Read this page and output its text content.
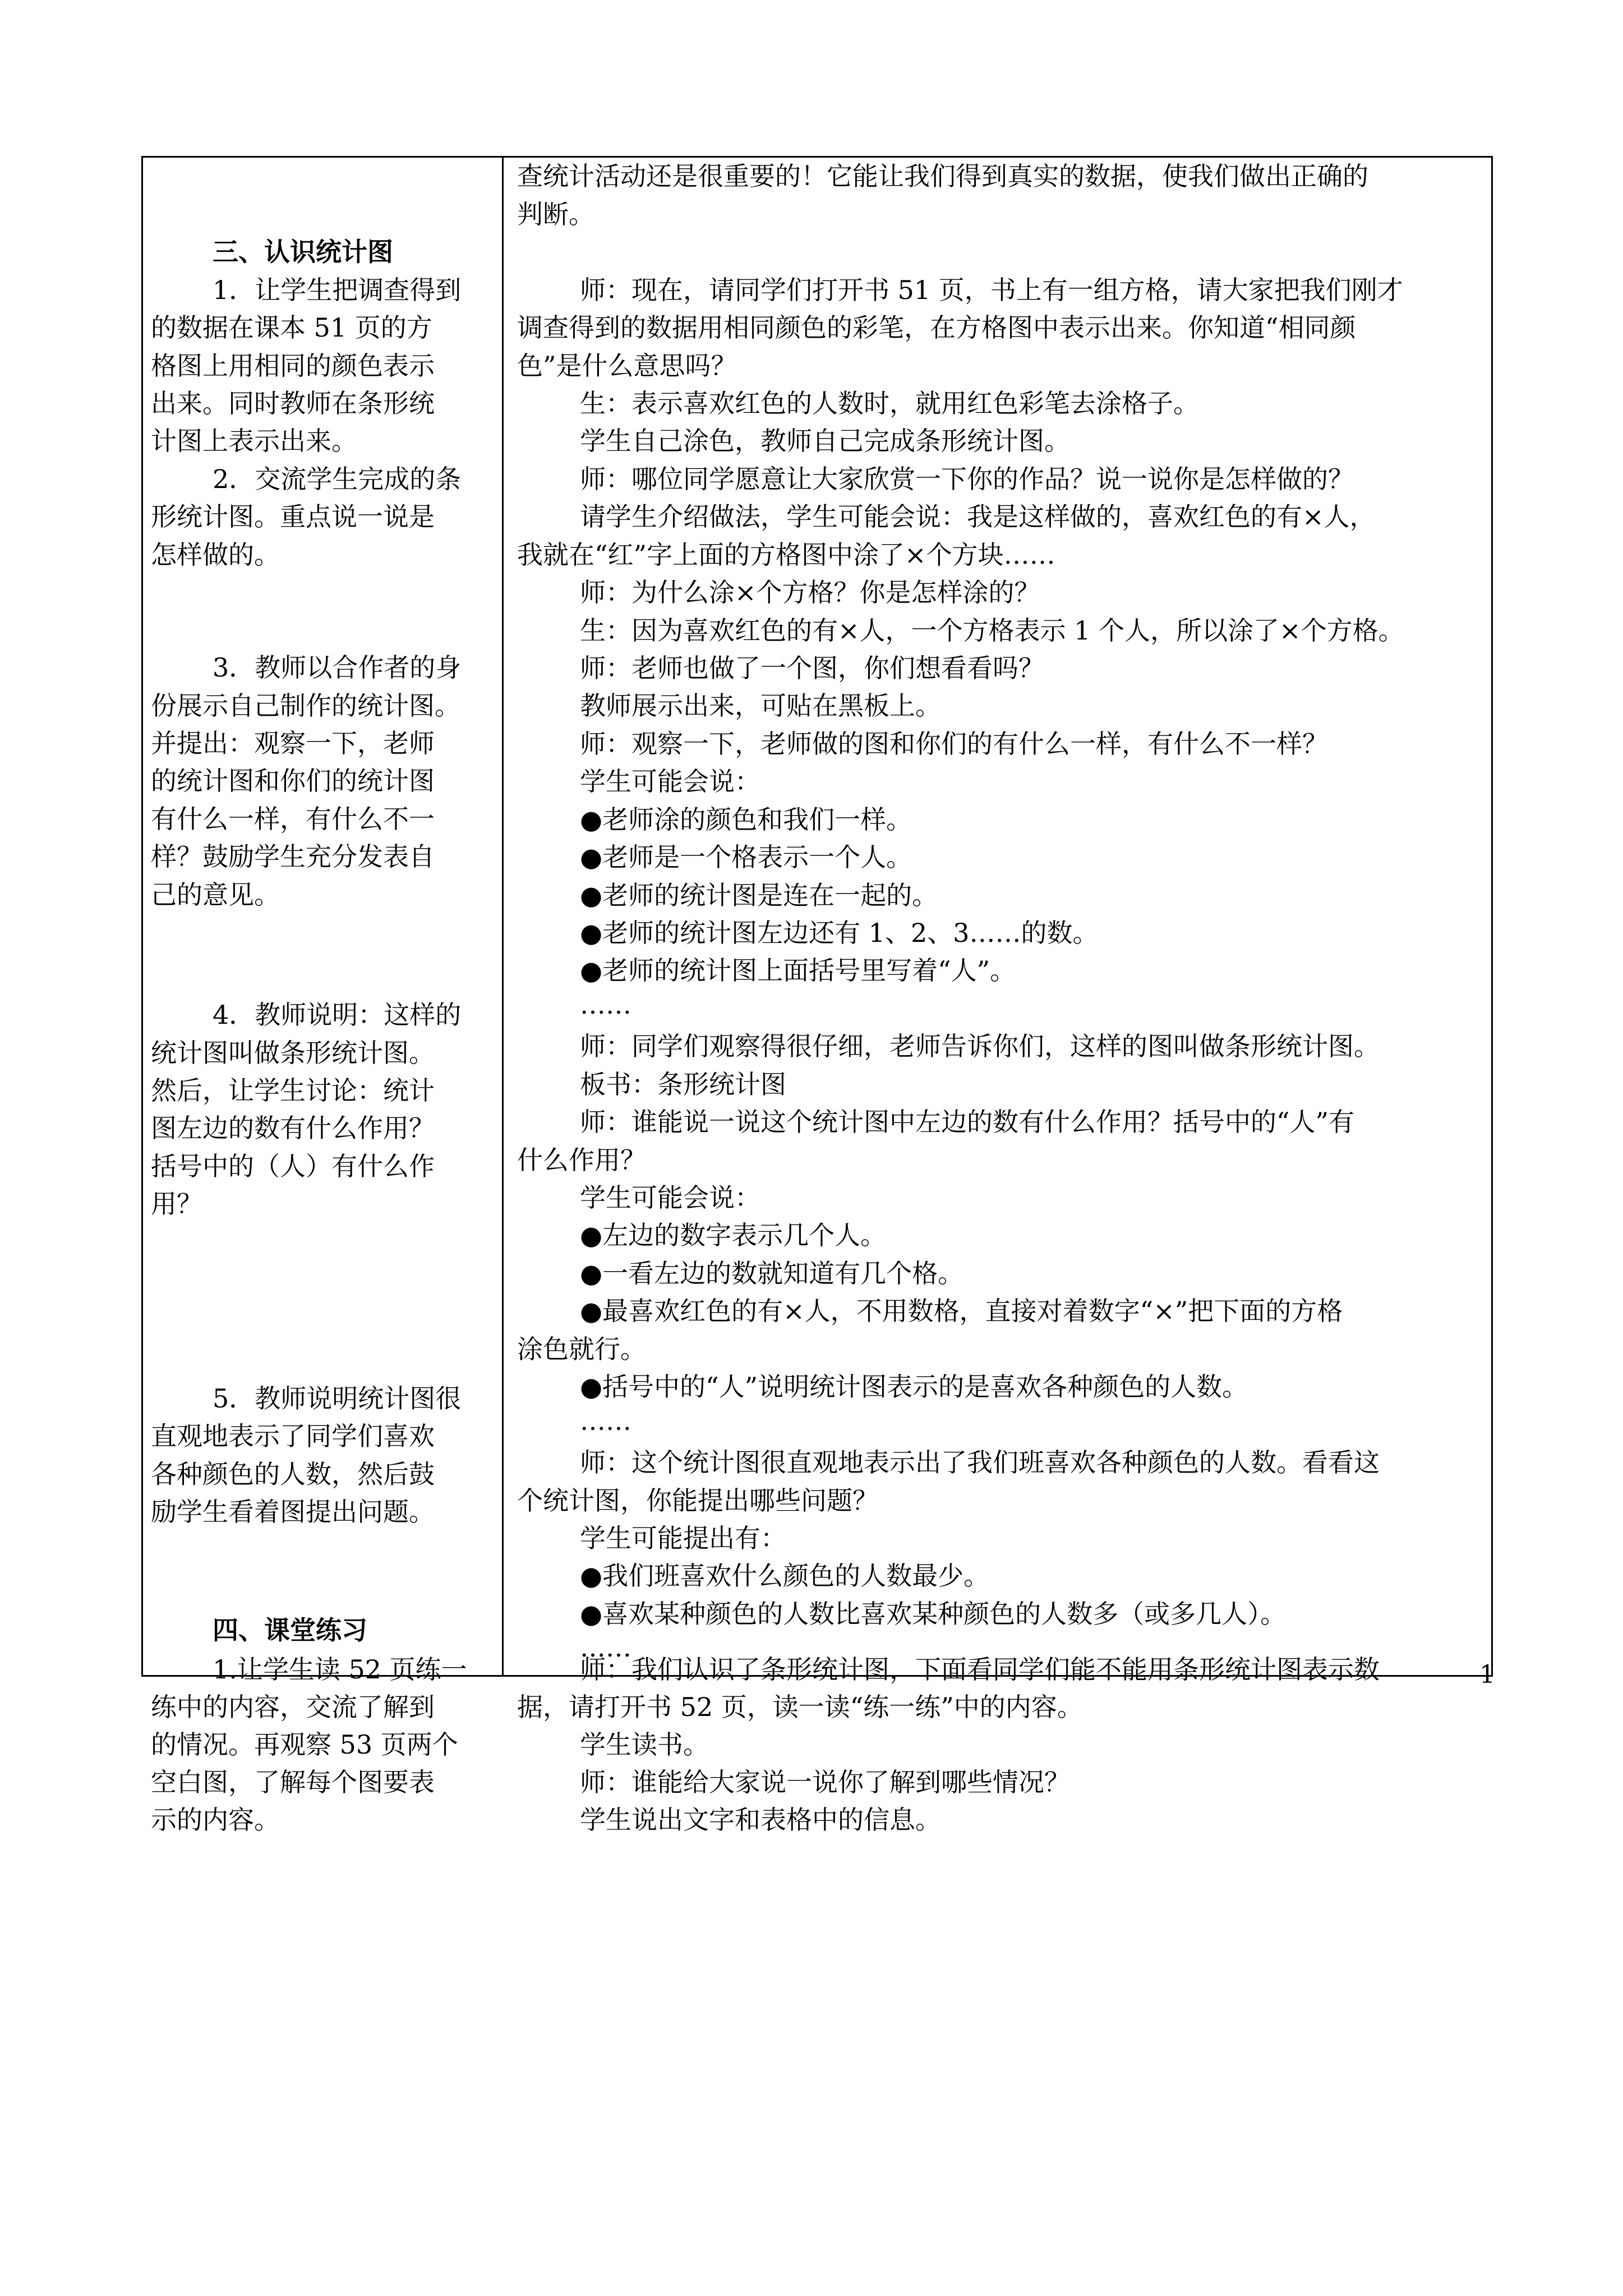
三、认识统计图
1．让学生把调查得到
的数据在课本 51 页的方
格图上用相同的颜色表示
出来。同时教师在条形统
计图上表示出来。
2．交流学生完成的条
形统计图。重点说一说是
怎样做的。
3．教师以合作者的身
份展示自己制作的统计图。
并提出：观察一下，老师
的统计图和你们的统计图
有什么一样，有什么不一
样？鼓励学生充分发表自
己的意见。
4．教师说明：这样的
统计图叫做条形统计图。
然后，让学生讨论：统计
图左边的数有什么作用？
括号中的（人）有什么作
用？
5．教师说明统计图很
直观地表示了同学们喜欢
各种颜色的人数，然后鼓
励学生看着图提出问题。
四、课堂练习
1.让学生读 52 页练一
练中的内容，交流了解到
的情况。再观察 53 页两个
空白图，了解每个图要表
示的内容。
查统计活动还是很重要的！它能让我们得到真实的数据，使我们做出正确的
判断。
师：现在，请同学们打开书 51 页，书上有一组方格，请大家把我们刚才
调查得到的数据用相同颜色的彩笔，在方格图中表示出来。你知道“相同颜
色”是什么意思吗？
生：表示喜欢红色的人数时，就用红色彩笔去涂格子。
学生自己涂色，教师自己完成条形统计图。
师：哪位同学愿意让大家欣赏一下你的作品？说一说你是怎样做的？
请学生介绍做法，学生可能会说：我是这样做的，喜欢红色的有×人，
我就在“红”字上面的方格图中涂了×个方块……
师：为什么涂×个方格？你是怎样涂的？
生：因为喜欢红色的有×人，一个方格表示 1 个人，所以涂了×个方格。
师：老师也做了一个图，你们想看看吗？
教师展示出来，可贴在黑板上。
师：观察一下，老师做的图和你们的有什么一样，有什么不一样？
学生可能会说：
●老师涂的颜色和我们一样。
●老师是一个格表示一个人。
●老师的统计图是连在一起的。
●老师的统计图左边还有 1、2、3……的数。
●老师的统计图上面括号里写着“人”。
……
师：同学们观察得很仔细，老师告诉你们，这样的图叫做条形统计图。
板书：条形统计图
师：谁能说一说这个统计图中左边的数有什么作用？括号中的“人”有
什么作用？
学生可能会说：
●左边的数字表示几个人。
●一看左边的数就知道有几个格。
●最喜欢红色的有×人，不用数格，直接对着数字“×”把下面的方格
涂色就行。
●括号中的“人”说明统计图表示的是喜欢各种颜色的人数。
……
师：这个统计图很直观地表示出了我们班喜欢各种颜色的人数。看看这
个统计图，你能提出哪些问题？
学生可能提出有：
●我们班喜欢什么颜色的人数最少。
●喜欢某种颜色的人数比喜欢某种颜色的人数多（或多几人）。
……
师：我们认识了条形统计图，下面看同学们能不能用条形统计图表示数
据，请打开书 52 页，读一读“练一练”中的内容。
学生读书。
师：谁能给大家说一说你了解到哪些情况？
学生说出文字和表格中的信息。
1
